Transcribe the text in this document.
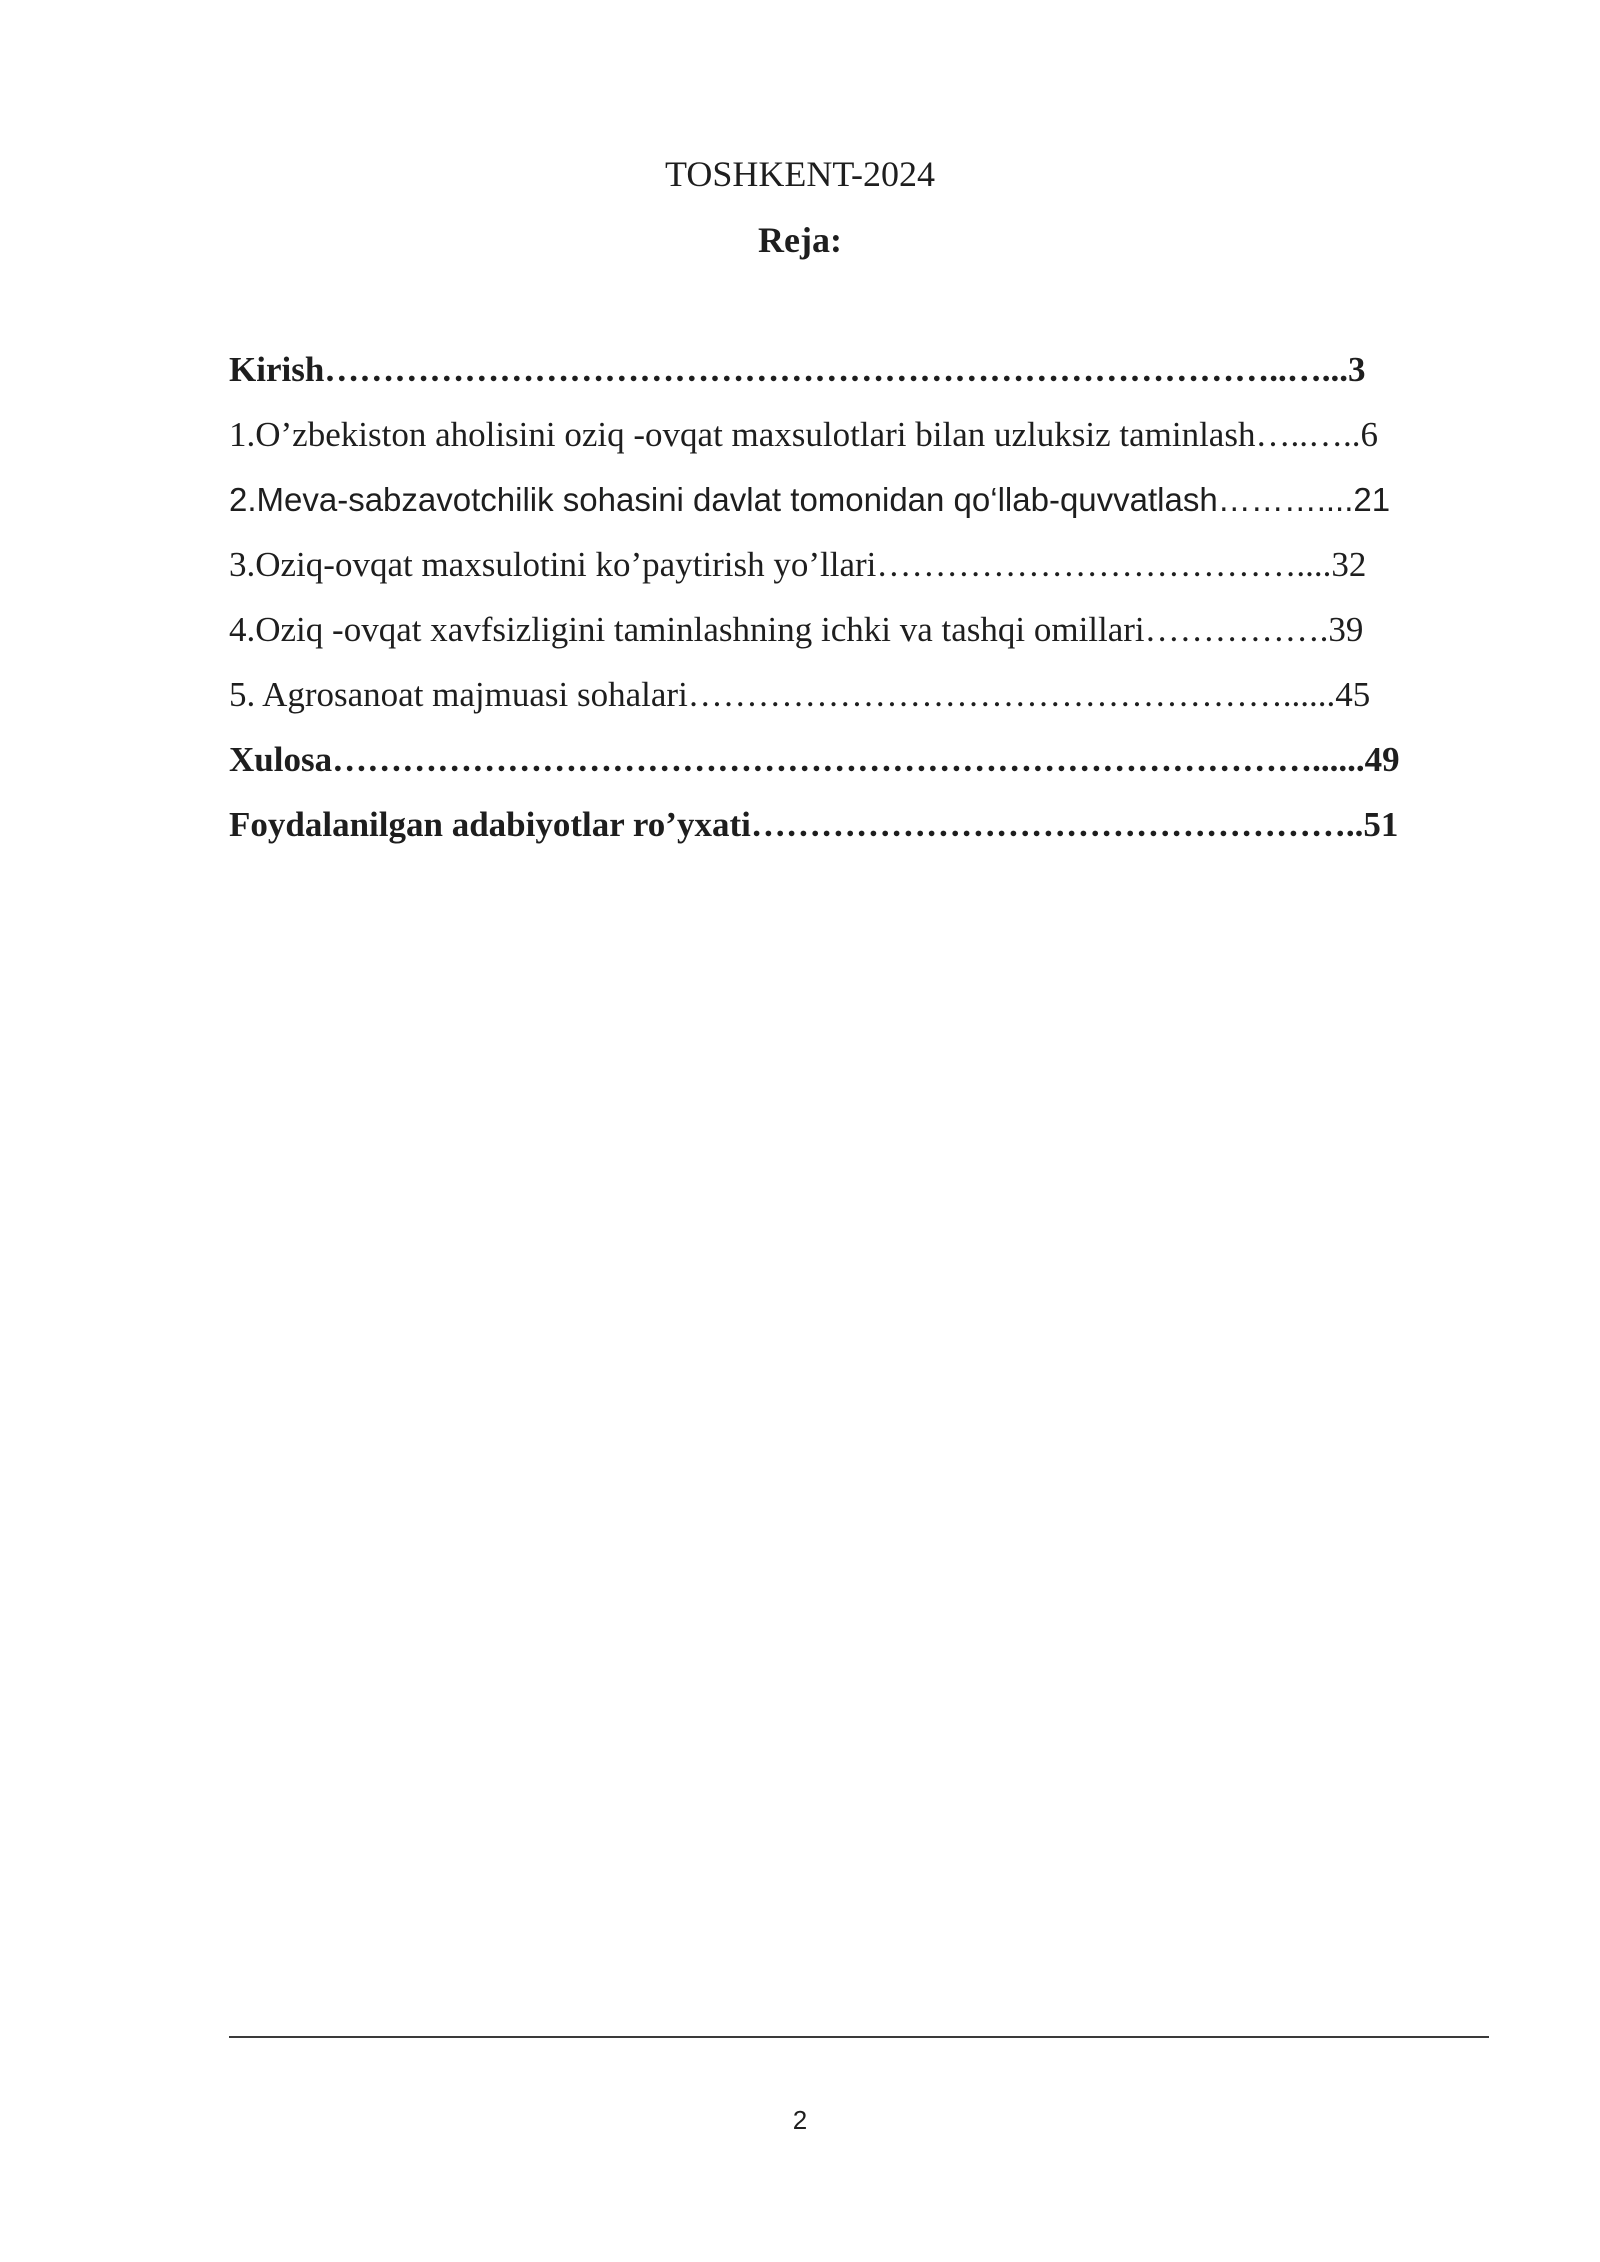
TOSHKENT-2024
Reja:
Kirish………………………………………………………………………..…...3
1.O’zbekiston aholisini oziq -ovqat maxsulotlari bilan uzluksiz taminlash…..…..6
2.Meva-sabzavotchilik sohasini davlat tomonidan qo‘llab-quvvatlash………....21
3.Oziq-ovqat maxsulotini ko’paytirish yo’llari………………………………....32
4.Oziq -ovqat xavfsizligini taminlashning ichki va tashqi omillari…………….39
5. Agrosanoat majmuasi sohalari……………………………………………......45
Xulosa…………………………………………………………………………......49
Foydalanilgan adabiyotlar ro’yxati……………………………………………..51
2
